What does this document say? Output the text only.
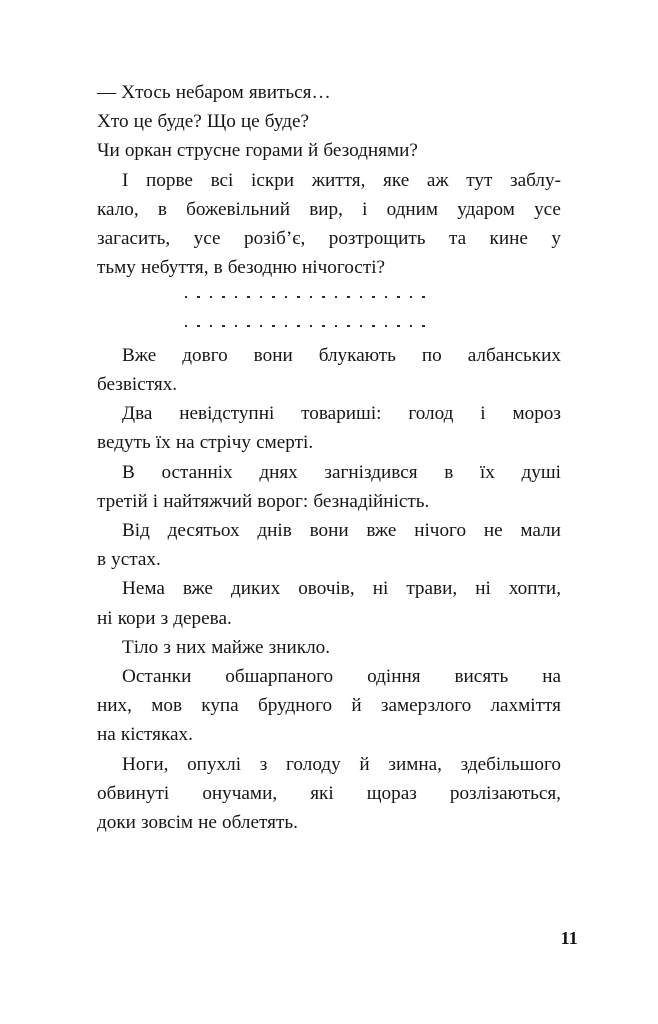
— Хтось небаром явиться…
Хто це буде? Що це буде?
Чи оркан струсне горами й безоднями?
І порве всі іскри життя, яке аж тут заблу-
кало, в божевільний вир, і одним ударом усе
загасить, усе розіб’є, розтрощить та кине у
тьму небуття, в безодню нічогості?
Вже довго вони блукають по албанських
безвістях.
Два невідступні товариші: голод і мороз
ведуть їх на стрічу смерті.
В останніх днях загніздився в їх душі
третій і найтяжчий ворог: безнадійність.
Від десятьох днів вони вже нічого не мали
в устах.
Нема вже диких овочів, ні трави, ні хопти,
ні кори з дерева.
Тіло з них майже зникло.
Останки обшарпаного одіння висять на
них, мов купа брудного й замерзлого лахміття
на кістяках.
Ноги, опухлі з голоду й зимна, здебільшого
обвинуті онучами, які щораз розлізаються,
доки зовсім не облетять.
11
